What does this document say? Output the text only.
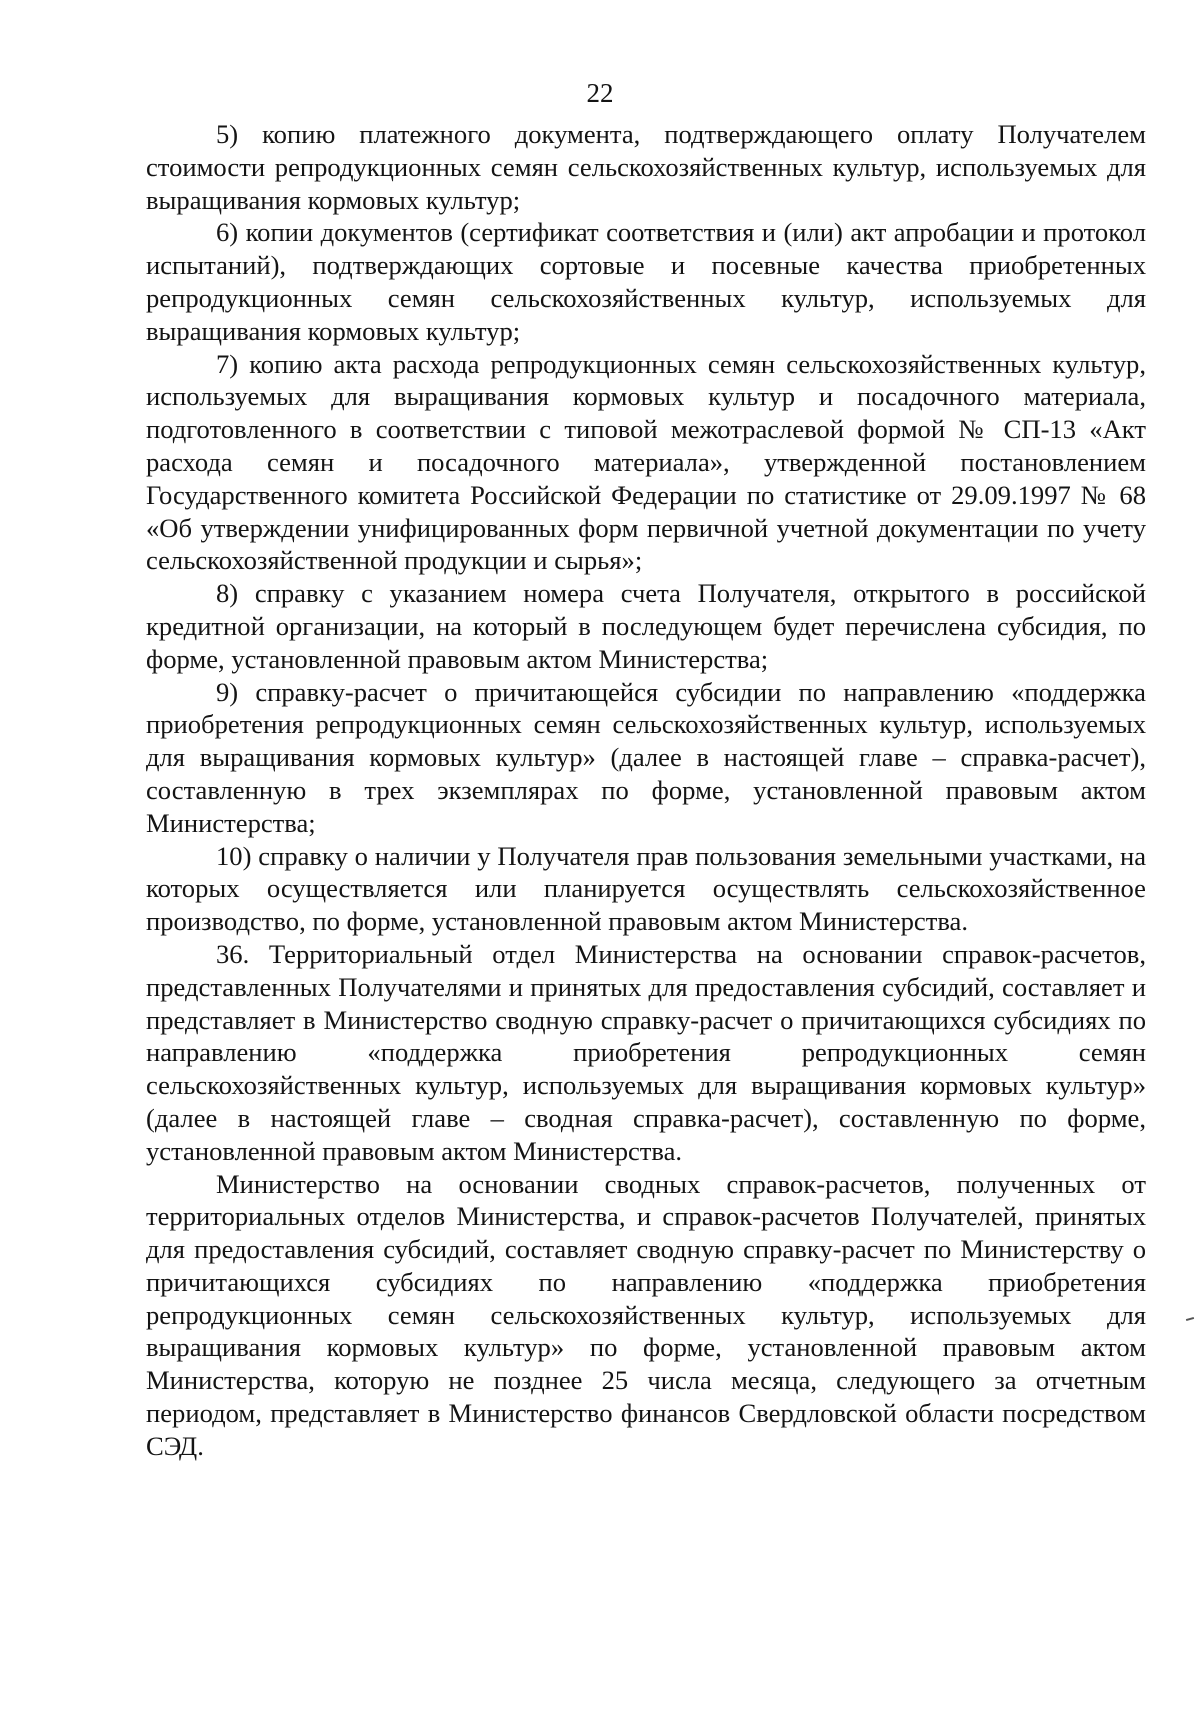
22

5) копию платежного документа, подтверждающего оплату Получателем стоимости репродукционных семян сельскохозяйственных культур, используемых для выращивания кормовых культур;

6) копии документов (сертификат соответствия и (или) акт апробации и протокол испытаний), подтверждающих сортовые и посевные качества приобретенных репродукционных семян сельскохозяйственных культур, используемых для выращивания кормовых культур;

7) копию акта расхода репродукционных семян сельскохозяйственных культур, используемых для выращивания кормовых культур и посадочного материала, подготовленного в соответствии с типовой межотраслевой формой № СП-13 «Акт расхода семян и посадочного материала», утвержденной постановлением Государственного комитета Российской Федерации по статистике от 29.09.1997 № 68 «Об утверждении унифицированных форм первичной учетной документации по учету сельскохозяйственной продукции и сырья»;

8) справку с указанием номера счета Получателя, открытого в российской кредитной организации, на который в последующем будет перечислена субсидия, по форме, установленной правовым актом Министерства;

9) справку-расчет о причитающейся субсидии по направлению «поддержка приобретения репродукционных семян сельскохозяйственных культур, используемых для выращивания кормовых культур» (далее в настоящей главе – справка-расчет), составленную в трех экземплярах по форме, установленной правовым актом Министерства;

10) справку о наличии у Получателя прав пользования земельными участками, на которых осуществляется или планируется осуществлять сельскохозяйственное производство, по форме, установленной правовым актом Министерства.

36. Территориальный отдел Министерства на основании справок-расчетов, представленных Получателями и принятых для предоставления субсидий, составляет и представляет в Министерство сводную справку-расчет о причитающихся субсидиях по направлению «поддержка приобретения репродукционных семян сельскохозяйственных культур, используемых для выращивания кормовых культур» (далее в настоящей главе – сводная справка-расчет), составленную по форме, установленной правовым актом Министерства.

Министерство на основании сводных справок-расчетов, полученных от территориальных отделов Министерства, и справок-расчетов Получателей, принятых для предоставления субсидий, составляет сводную справку-расчет по Министерству о причитающихся субсидиях по направлению «поддержка приобретения репродукционных семян сельскохозяйственных культур, используемых для выращивания кормовых культур» по форме, установленной правовым актом Министерства, которую не позднее 25 числа месяца, следующего за отчетным периодом, представляет в Министерство финансов Свердловской области посредством СЭД.
